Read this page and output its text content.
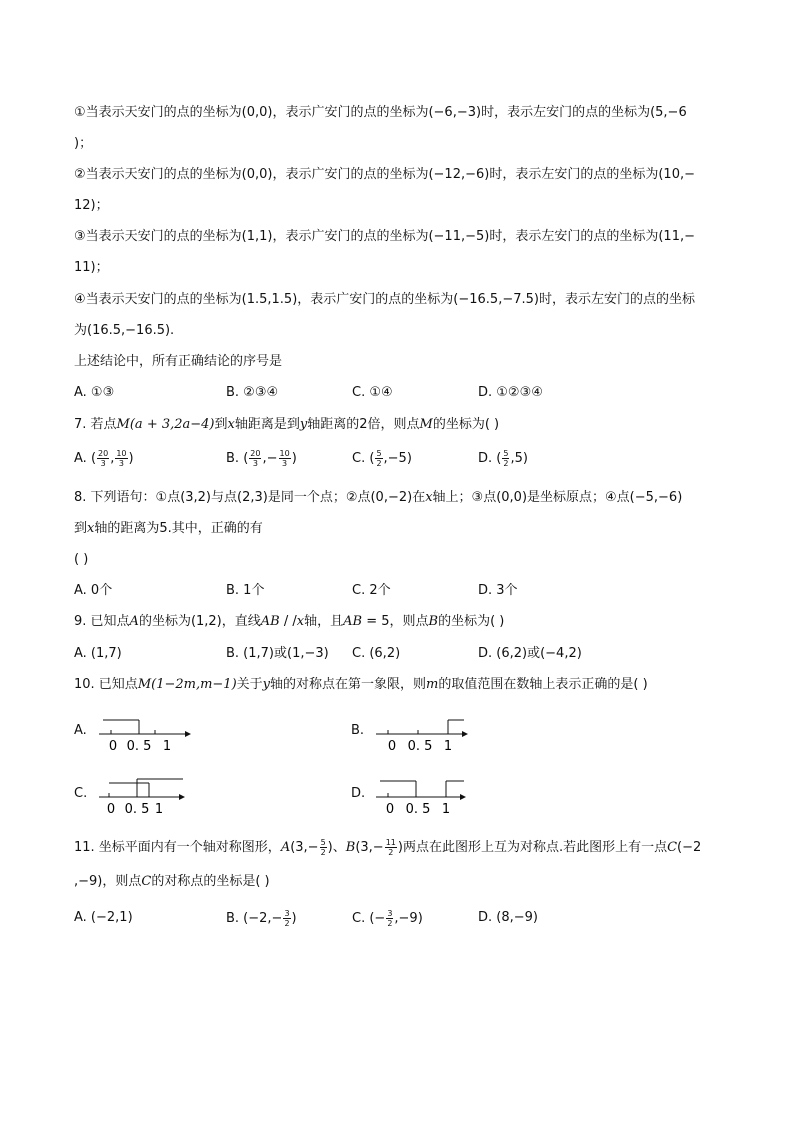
①当表示天安门的点的坐标为(0,0)，表示广安门的点的坐标为(−6,−3)时，表示左安门的点的坐标为(5,−6
)；
②当表示天安门的点的坐标为(0,0)，表示广安门的点的坐标为(−12,−6)时，表示左安门的点的坐标为(10,−
12)；
③当表示天安门的点的坐标为(1,1)，表示广安门的点的坐标为(−11,−5)时，表示左安门的点的坐标为(11,−
11)；
④当表示天安门的点的坐标为(1.5,1.5)，表示广安门的点的坐标为(−16.5,−7.5)时，表示左安门的点的坐标
为(16.5,−16.5).
上述结论中，所有正确结论的序号是
A. ①③	B. ②③④	C. ①④	D. ①②③④
7. 若点M(a + 3,2a−4)到x轴距离是到y轴距离的2倍，则点M的坐标为( )
A. ( $\frac{20}{3}$ , $\frac{10}{3}$ )	B. ( $\frac{20}{3}$ ,− $\frac{10}{3}$ )	C. ( $\frac{5}{2} ,-5$)	D. ( $\frac{5}{2} ,5$)
8. 下列语句：①点(3,2)与点(2,3)是同一个点；②点(0,−2)在x轴上；③点(0,0)是坐标原点；④点(−5,−6)
到x轴的距离为5.其中，正确的有
( )
A. 0个	B. 1个	C. 2个	D. 3个
9. 已知点A的坐标为(1,2)，直线AB / /x轴，且AB = 5，则点B的坐标为( )
A. (1,7)	B. (1,7)或(1,−3) C. (6,2)	D. (6,2)或(−4,2)
10. 已知点M(1−2m,m−1)关于y轴的对称点在第一象限，则m的取值范围在数轴上表示正确的是( )
A.
0 0. 5 1
B.
0 0. 5 1
C.
0 0. 5 1
D.
0 0. 5 1
11. 坐标平面内有一个轴对称图形，$A(3,- \frac{5}{2}$ )、$B(3,- \frac{11}{2}$ )两点在此图形上互为对称点.若此图形上有一点C(−2
,−9)，则点C的对称点的坐标是( )
A. (−2,1)	B. ($-2,- \frac{3}{2}$ )	C. (− $\frac{3}{2} ,-9$)	D. (8,−9)
